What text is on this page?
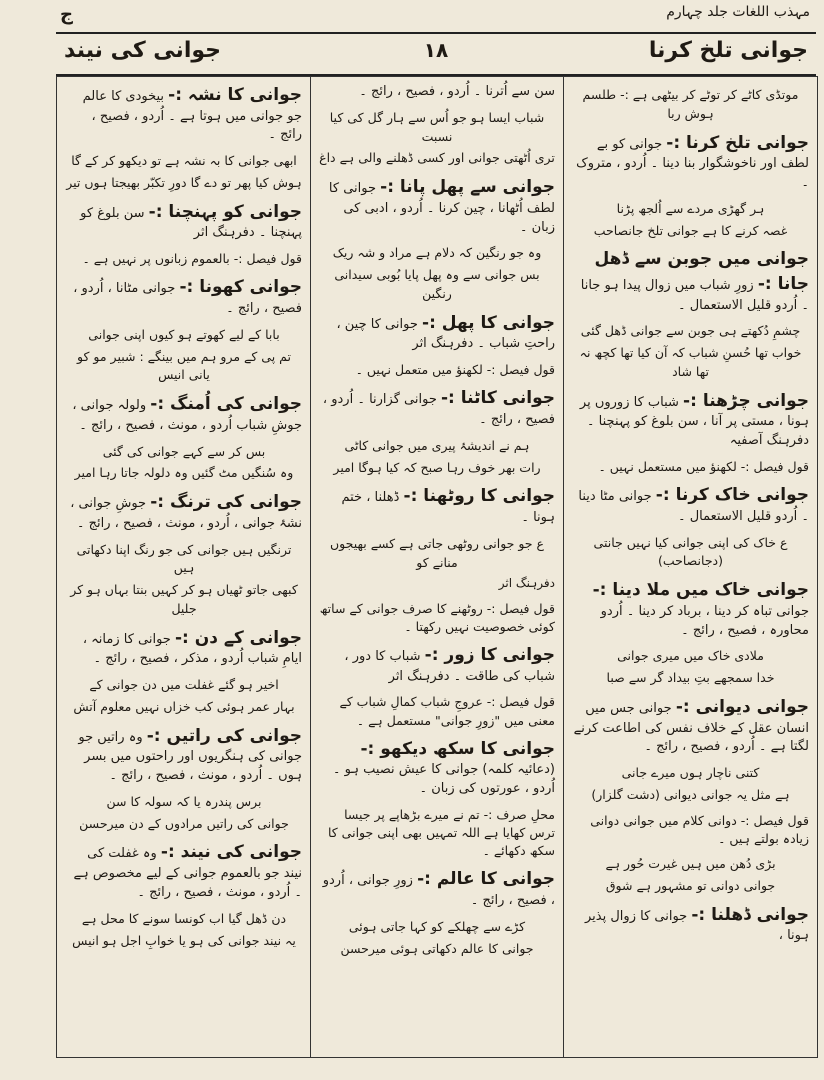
مہذب اللغات جلد چہارم
ج
جوانی تلخ کرنا
۱۸
جوانی کی نیند
موتڈی کاٹے کر توٹے کر بیٹھی ہے :- طلسم ہوش ربا
جوانی تلخ کرنا :- جوانی کو بے لطف اور ناخوشگوار بنا دینا ۔ اُردو ، متروک ۔
ہر گھڑی مردے سے اُلجھ پڑنا
غصہ کرنے کا ہے جوانی تلخ جانصاحب
جوانی میں جوبن سے ڈھل جانا :- زورِ شباب میں زوال پیدا ہو جانا ۔ اُردو قلیل الاستعمال ۔
چشمِ دُکھتے ہی جوبن سے جوانی ڈھل گئی
خواب تھا حُسنِ شباب کہ آن کیا تھا کچھ نہ تھا شاد
جوانی چڑھنا :- شباب کا زوروں پر ہونا ، مستی پر آنا ، سن بلوغ کو پہنچنا ۔ دفرہنگ آصفیہ
قول فیصل :- لکھنؤ میں مستعمل نہیں ۔
جوانی خاک کرنا :- جوانی مٹا دینا ۔ اُردو قلیل الاستعمال ۔
ع خاک کی اپنی جوانی کیا نہیں جانتی (دجانصاحب)
جوانی خاک میں ملا دینا :- جوانی تباہ کر دینا ، برباد کر دینا ۔ اُردو محاورہ ، فصیح ، رائج ۔
ملادی خاک میں میری جوانی
خدا سمجھے بتِ بیداد گر سے صبا
جوانی دیوانی :- جوانی جس میں انسان عقل کے خلاف نفس کی اطاعت کرنے لگتا ہے ۔ اُردو ، فصیح ، رائج ۔
کتنی ناچار ہوں میرے جانی
ہے مثل یہ جوانی دیوانی (دشت گلزار)
قول فیصل :- دوانی کلام میں جوانی دوانی زیادہ بولتے ہیں ۔
بڑی دُھن میں ہیں غیرت حُور ہے
جوانی دوانی تو مشہور ہے شوق
جوانی ڈھلنا :- جوانی کا زوال پذیر ہونا ،
سن سے اُترنا ۔ اُردو ، فصیح ، رائج ۔
شباب ایسا ہو جو اُس سے ہار گل کی کیا نسبت
تری اُٹھتی جوانی اور کسی ڈھلنے والی ہے داغ
جوانی سے پھل پانا :- جوانی کا لطف اُٹھانا ، چین کرنا ۔ اُردو ، ادبی کی زبان ۔
وہ جو رنگین کہ دلام ہے مراد و شہ ریک
بس جوانی سے وہ پھل پایا بُوبی سیدانی رنگین
جوانی کا پھل :- جوانی کا چین ، راحتِ شباب ۔ دفرہنگ اثر
قول فیصل :- لکھنؤ میں متعمل نہیں ۔
جوانی کاٹنا :- جوانی گزارنا ۔ اُردو ، فصیح ، رائج ۔
ہم نے اندیشۂ پیری میں جوانی کاٹی
رات بھر خوف رہا صبح کہ کیا ہوگا امیر
جوانی کا روٹھنا :- ڈھلنا ، ختم ہونا ۔
ع جو جوانی روٹھی جاتی ہے کسے بھیجوں منانے کو
دفرہنگ اثر
قول فیصل :- روٹھنے کا صرف جوانی کے ساتھ کوئی خصوصیت نہیں رکھتا ۔
جوانی کا زور :- شباب کا دور ، شباب کی طاقت ۔ دفرہنگ اثر
قول فیصل :- عروجِ شباب کمالِ شباب کے معنی میں "زورِ جوانی" مستعمل ہے ۔
جوانی کا سکھ دیکھو :- (دعائیہ کلمہ) جوانی کا عیش نصیب ہو ۔ اُردو ، عورتوں کی زبان ۔
محلِ صرف :- تم نے میرے بڑھاپے پر جیسا ترس کھایا ہے اللہ تمہیں بھی اپنی جوانی کا سکھ دکھائے ۔
جوانی کا عالم :- زورِ جوانی ، اُردو ، فصیح ، رائج ۔
کڑے سے چھلکے کو کہا جاتی ہوئی
جوانی کا عالم دکھاتی ہوئی میرحسن
جوانی کا نشہ :- بیخودی کا عالم جو جوانی میں ہوتا ہے ۔ اُردو ، فصیح ، رائج ۔
ابھی جوانی کا بہ نشہ ہے تو دیکھو کر کے گا
ہوش کیا پھر تو دے گا دورِ تکبّر بھیجتا ہوں تیر
جوانی کو پہنچنا :- سن بلوغ کو پہنچنا ۔ دفرہنگ اثر
قول فیصل :- بالعموم زبانوں پر نہیں ہے ۔
جوانی کھونا :- جوانی مٹانا ، اُردو ، فصیح ، رائج ۔
بابا کے لیے کھوتے ہو کیوں اپنی جوانی
تم پی کے مرو ہم میں بینگے : شبیر مو کو یانی انیس
جوانی کی اُمنگ :- ولولہ جوانی ، جوشِ شباب اُردو ، مونث ، فصیح ، رائج ۔
بس کر سے کہے جوانی کی گئی
وہ سُنگیں مٹ گئیں وہ دلولہ جاتا رہا امیر
جوانی کی ترنگ :- جوشِ جوانی ، نشۂ جوانی ، اُردو ، مونث ، فصیح ، رائج ۔
ترنگیں ہیں جوانی کی جو رنگ اپنا دکھاتی ہیں
کبھی جاتو ٹھیاں ہو کر کہیں بنتا بہاں ہو کر جلیل
جوانی کے دن :- جوانی کا زمانہ ، ایامِ شباب اُردو ، مذکر ، فصیح ، رائج ۔
اخیر ہو گئے غفلت میں دن جوانی کے
بہار عمر ہوئی کب خزاں نہیں معلوم آتش
جوانی کی راتیں :- وہ راتیں جو جوانی کی ہنگریوں اور راحتوں میں بسر ہوں ۔ اُردو ، مونث ، فصیح ، رائج ۔
برس پندرہ یا کہ سولہ کا سن
جوانی کی راتیں مرادوں کے دن میرحسن
جوانی کی نیند :- وہ غفلت کی نیند جو بالعموم جوانی کے لیے مخصوص ہے ۔ اُردو ، مونث ، فصیح ، رائج ۔
دن ڈھل گیا اب کونسا سونے کا محل ہے
یہ نیند جوانی کی ہو یا خوابِ اجل ہو انیس
